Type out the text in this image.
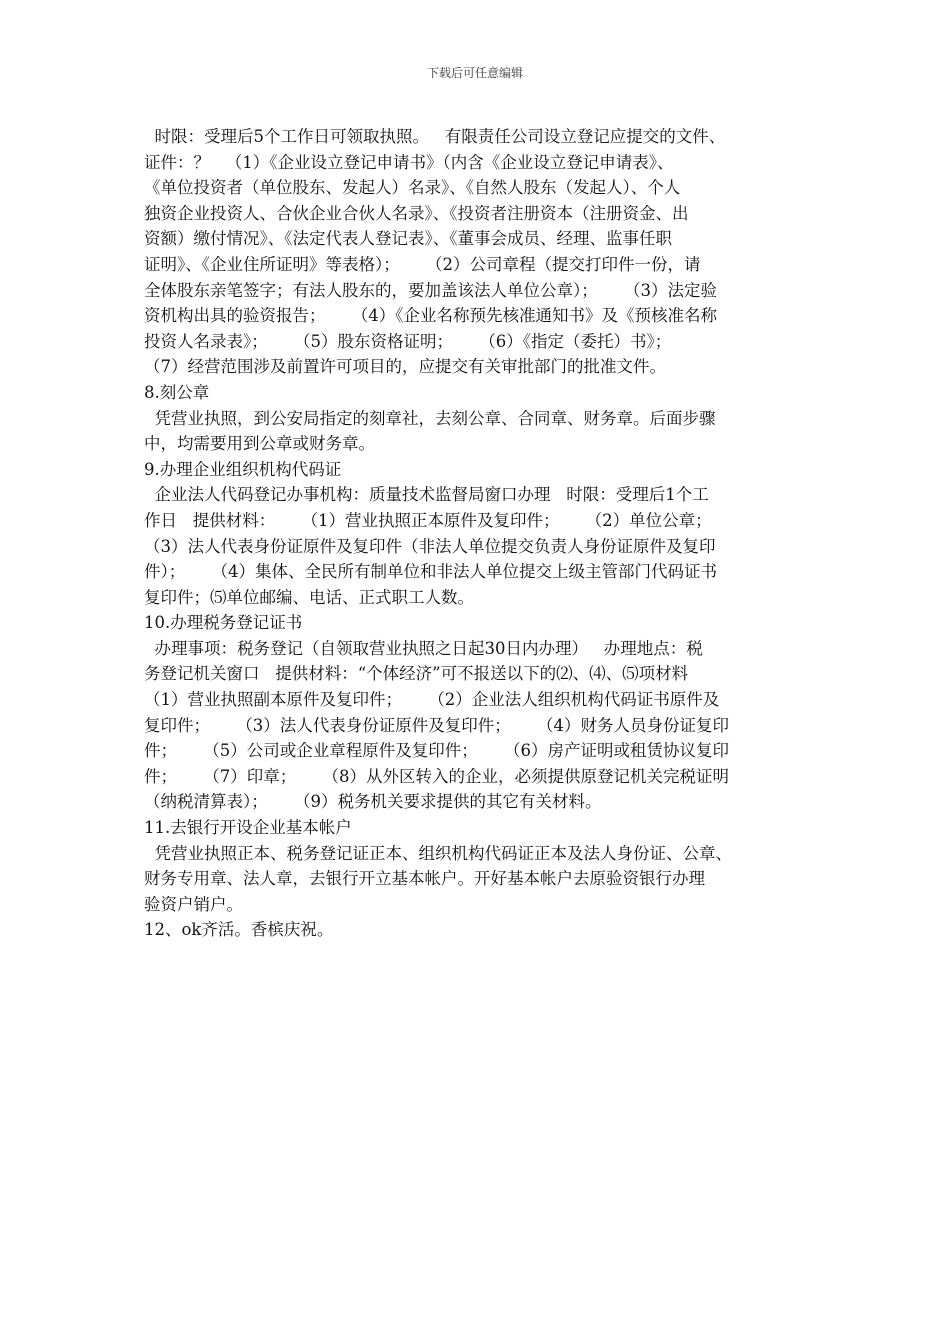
下载后可任意编辑
时限：受理后5个工作日可领取执照。   有限责任公司设立登记应提交的文件、
证件：？   （1）《企业设立登记申请书》（内含《企业设立登记申请表》、
《单位投资者（单位股东、发起人）名录》、《自然人股东（发起人）、个人
独资企业投资人、合伙企业合伙人名录》、《投资者注册资本（注册资金、出
资额）缴付情况》、《法定代表人登记表》、《董事会成员、经理、监事任职
证明》、《企业住所证明》等表格）；     （2）公司章程（提交打印件一份，请
全体股东亲笔签字；有法人股东的，要加盖该法人单位公章）；     （3）法定验
资机构出具的验资报告；     （4）《企业名称预先核准通知书》及《预核准名称
投资人名录表》；     （5）股东资格证明；     （6）《指定（委托）书》；
（7）经营范围涉及前置许可项目的，应提交有关审批部门的批准文件。
8.刻公章
凭营业执照，到公安局指定的刻章社，去刻公章、合同章、财务章。后面步骤
中，均需要用到公章或财务章。
9.办理企业组织机构代码证
企业法人代码登记办事机构：质量技术监督局窗口办理   时限：受理后1个工
作日   提供材料：     （1）营业执照正本原件及复印件；     （2）单位公章；
（3）法人代表身份证原件及复印件（非法人单位提交负责人身份证原件及复印
件）；     （4）集体、全民所有制单位和非法人单位提交上级主管部门代码证书
复印件；⑸单位邮编、电话、正式职工人数。
10.办理税务登记证书
办理事项：税务登记（自领取营业执照之日起30日内办理）   办理地点：税
务登记机关窗口   提供材料：“个体经济”可不报送以下的⑵、⑷、⑸项材料
（1）营业执照副本原件及复印件；     （2）企业法人组织机构代码证书原件及
复印件；     （3）法人代表身份证原件及复印件；     （4）财务人员身份证复印
件；     （5）公司或企业章程原件及复印件；     （6）房产证明或租赁协议复印
件；     （7）印章；     （8）从外区转入的企业，必须提供原登记机关完税证明
（纳税清算表）；     （9）税务机关要求提供的其它有关材料。
11.去银行开设企业基本帐户
凭营业执照正本、税务登记证正本、组织机构代码证正本及法人身份证、公章、
财务专用章、法人章，去银行开立基本帐户。开好基本帐户去原验资银行办理
验资户销户。
12、ok齐活。香槟庆祝。
